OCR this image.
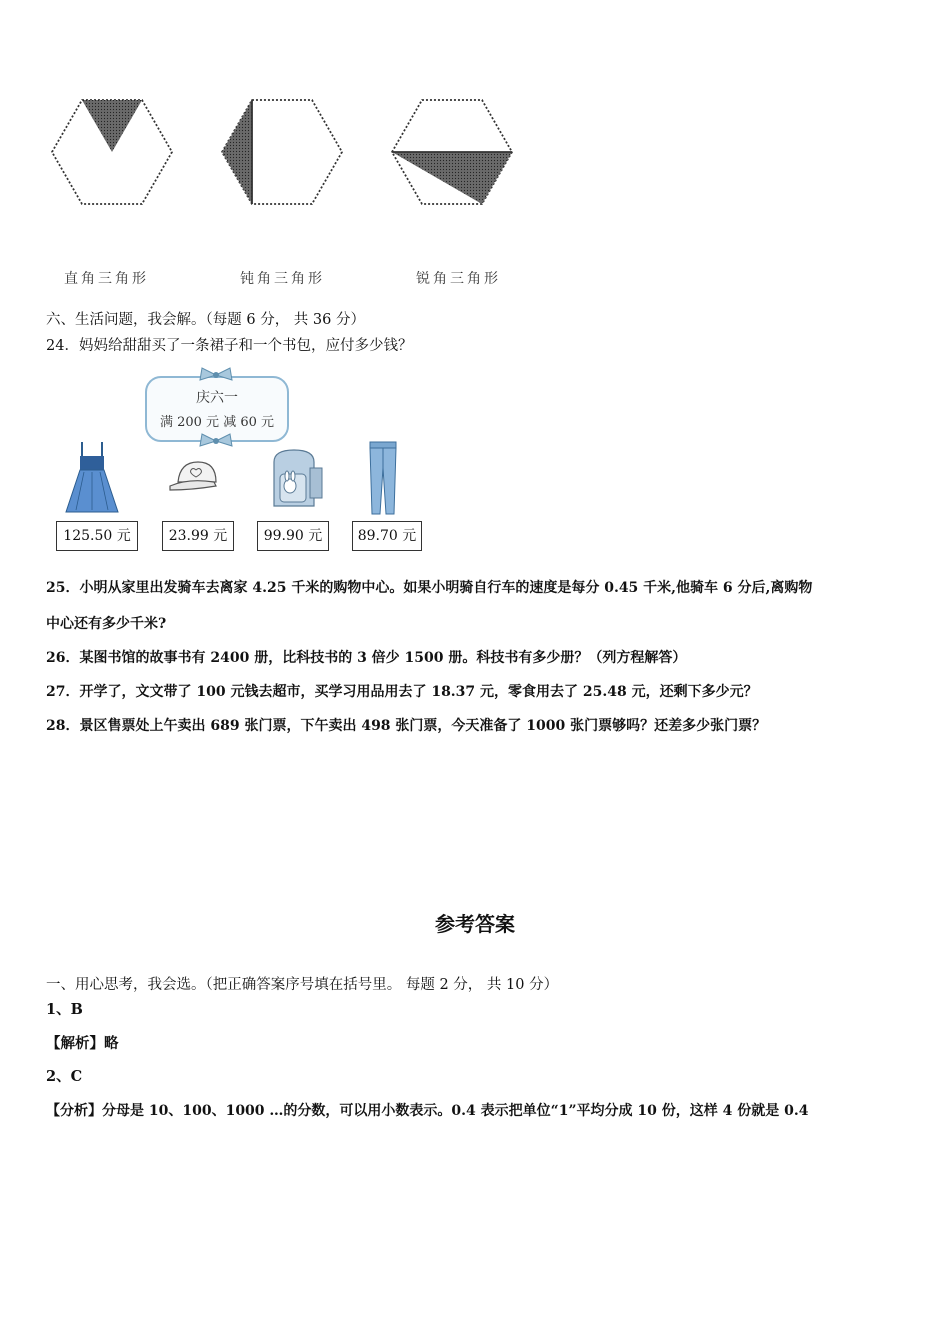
直角三角形	钝角三角形	锐角三角形
六、生活问题，我会解。（每题 6 分， 共 36 分）
24．妈妈给甜甜买了一条裙子和一个书包，应付多少钱？
庆六一
满 200 元 减 60 元
125.50 元	23.99 元	99.90 元	89.70 元
25．小明从家里出发骑车去离家 4.25 千米的购物中心。如果小明骑自行车的速度是每分 0.45 千米,他骑车 6 分后,离购物
中心还有多少千米?
26．某图书馆的故事书有 2400 册，比科技书的 3 倍少 1500 册。科技书有多少册？（列方程解答）
27．开学了，文文带了 100 元钱去超市，买学习用品用去了 18.37 元，零食用去了 25.48 元，还剩下多少元？
28．景区售票处上午卖出 689 张门票，下午卖出 498 张门票，今天准备了 1000 张门票够吗？还差多少张门票？
参考答案
一、用心思考，我会选。（把正确答案序号填在括号里。 每题 2 分， 共 10 分）
1、B
【解析】略
2、C
【分析】分母是 10、100、1000 …的分数，可以用小数表示。0.4 表示把单位“1”平均分成 10 份，这样 4 份就是 0.4
